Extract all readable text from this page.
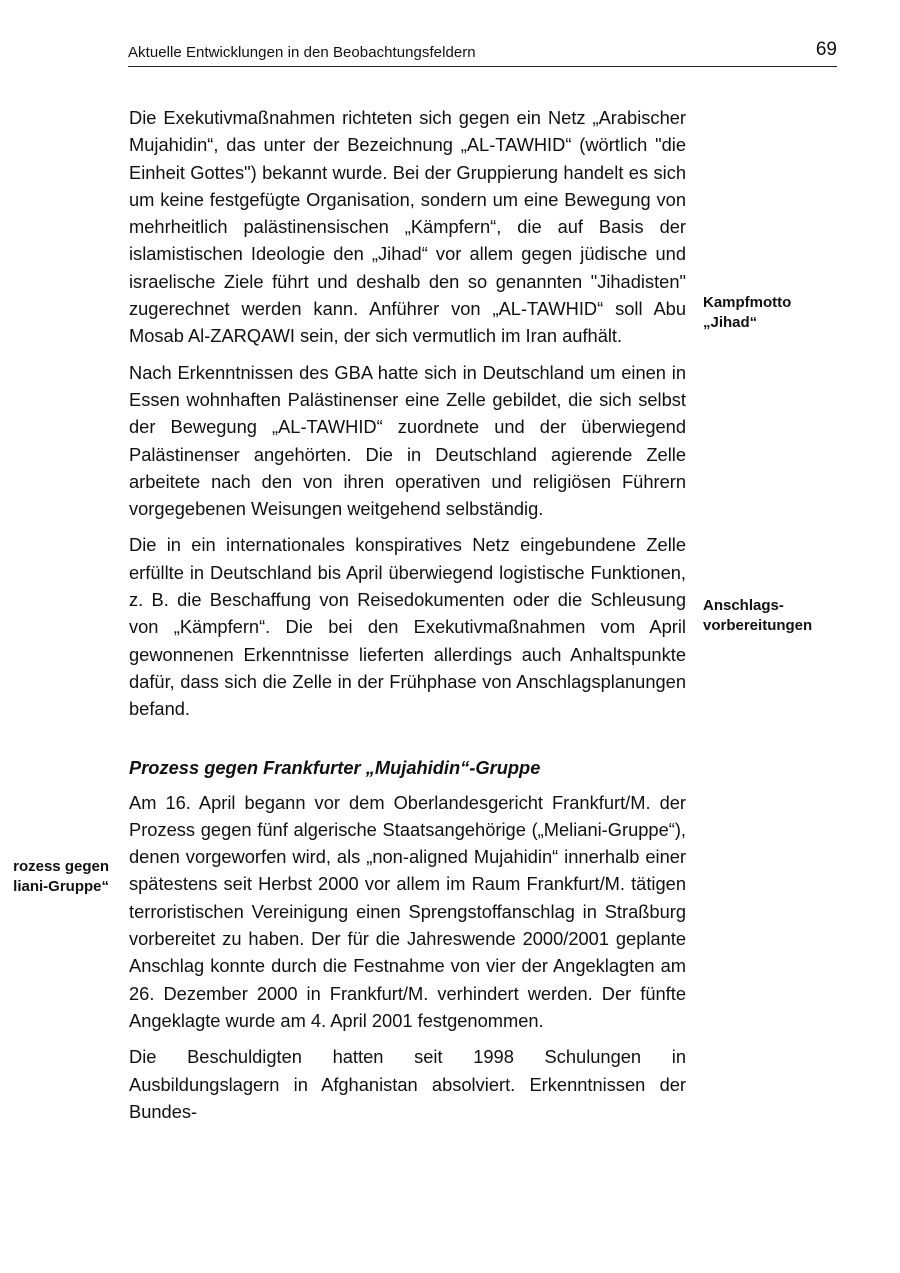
Aktuelle Entwicklungen in den Beobachtungsfeldern	69

Die Exekutivmaßnahmen richteten sich gegen ein Netz „Arabischer Mujahidin“, das unter der Bezeichnung „AL-TAWHID“ (wörtlich "die Einheit Gottes") bekannt wurde. Bei der Gruppierung handelt es sich um keine festgefügte Organisation, sondern um eine Bewegung von mehrheitlich palästinensischen „Kämpfern“, die auf Basis der islamistischen Ideologie den „Jihad“ vor allem gegen jüdische und israelische Ziele führt und deshalb den so genannten "Jihadisten" zugerechnet werden kann. Anführer von „AL-TAWHID“ soll Abu Mosab Al-ZARQAWI sein, der sich vermutlich im Iran aufhält.

Nach Erkenntnissen des GBA hatte sich in Deutschland um einen in Essen wohnhaften Palästinenser eine Zelle gebildet, die sich selbst der Bewegung „AL-TAWHID“ zuordnete und der überwiegend Palästinenser angehörten. Die in Deutschland agierende Zelle arbeitete nach den von ihren operativen und religiösen Führern vorgegebenen Weisungen weitgehend selbständig.

Die in ein internationales konspiratives Netz eingebundene Zelle erfüllte in Deutschland bis April überwiegend logistische Funktionen, z. B. die Beschaffung von Reisedokumenten oder die Schleusung von „Kämpfern“. Die bei den Exekutivmaßnahmen vom April gewonnenen Erkenntnisse lieferten allerdings auch Anhaltspunkte dafür, dass sich die Zelle in der Frühphase von Anschlagsplanungen befand.

Prozess gegen Frankfurter „Mujahidin“-Gruppe

Am 16. April begann vor dem Oberlandesgericht Frankfurt/M. der Prozess gegen fünf algerische Staatsangehörige („Meliani-Gruppe“), denen vorgeworfen wird, als „non-aligned Mujahidin“ innerhalb einer spätestens seit Herbst 2000 vor allem im Raum Frankfurt/M. tätigen terroristischen Vereinigung einen Sprengstoffanschlag in Straßburg vorbereitet zu haben. Der für die Jahreswende 2000/2001 geplante Anschlag konnte durch die Festnahme von vier der Angeklagten am 26. Dezember 2000 in Frankfurt/M. verhindert werden. Der fünfte Angeklagte wurde am 4. April 2001 festgenommen.

Die Beschuldigten hatten seit 1998 Schulungen in Ausbildungslagern in Afghanistan absolviert. Erkenntnissen der Bundes-

Kampfmotto
„Jihad“
Anschlags-
vorbereitungen
rozess gegen
liani-Gruppe“
